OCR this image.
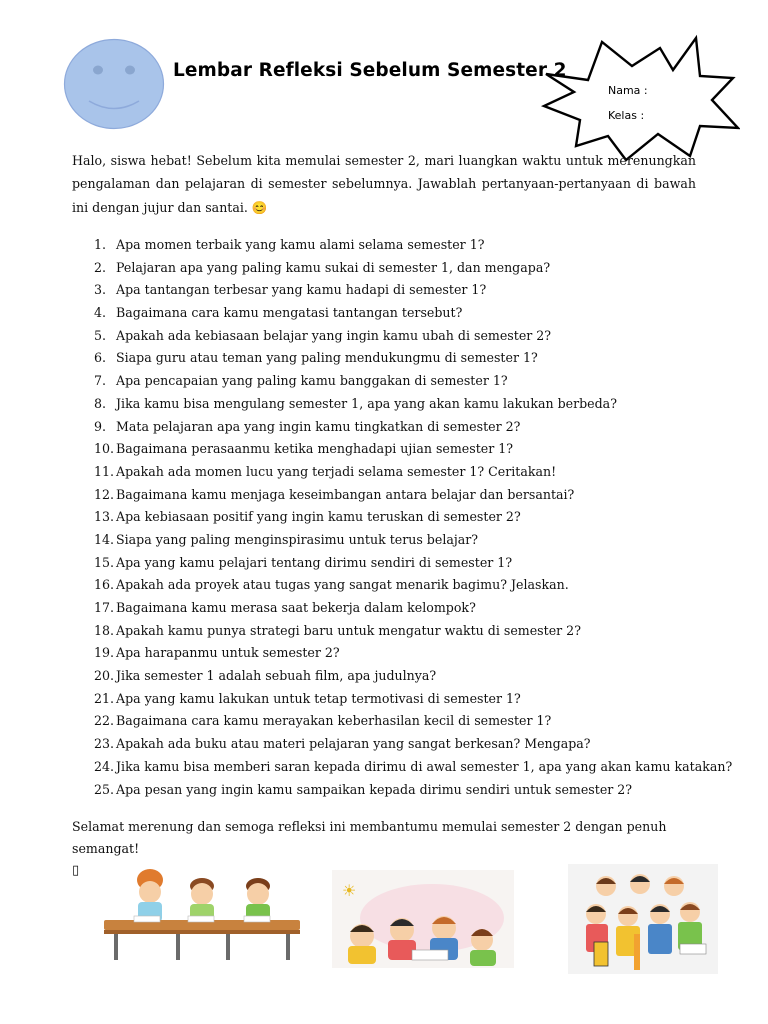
Lembar Refleksi Sebelum Semester 2
Nama :
Kelas :

Halo, siswa hebat! Sebelum kita memulai semester 2, mari luangkan waktu untuk merenungkan pengalaman dan pelajaran di semester sebelumnya. Jawablah pertanyaan-pertanyaan di bawah ini dengan jujur dan santai. 😊

1. Apa momen terbaik yang kamu alami selama semester 1?
2. Pelajaran apa yang paling kamu sukai di semester 1, dan mengapa?
3. Apa tantangan terbesar yang kamu hadapi di semester 1?
4. Bagaimana cara kamu mengatasi tantangan tersebut?
5. Apakah ada kebiasaan belajar yang ingin kamu ubah di semester 2?
6. Siapa guru atau teman yang paling mendukungmu di semester 1?
7. Apa pencapaian yang paling kamu banggakan di semester 1?
8. Jika kamu bisa mengulang semester 1, apa yang akan kamu lakukan berbeda?
9. Mata pelajaran apa yang ingin kamu tingkatkan di semester 2?
10. Bagaimana perasaanmu ketika menghadapi ujian semester 1?
11. Apakah ada momen lucu yang terjadi selama semester 1? Ceritakan!
12. Bagaimana kamu menjaga keseimbangan antara belajar dan bersantai?
13. Apa kebiasaan positif yang ingin kamu teruskan di semester 2?
14. Siapa yang paling menginspirasimu untuk terus belajar?
15. Apa yang kamu pelajari tentang dirimu sendiri di semester 1?
16. Apakah ada proyek atau tugas yang sangat menarik bagimu? Jelaskan.
17. Bagaimana kamu merasa saat bekerja dalam kelompok?
18. Apakah kamu punya strategi baru untuk mengatur waktu di semester 2?
19. Apa harapanmu untuk semester 2?
20. Jika semester 1 adalah sebuah film, apa judulnya?
21. Apa yang kamu lakukan untuk tetap termotivasi di semester 1?
22. Bagaimana cara kamu merayakan keberhasilan kecil di semester 1?
23. Apakah ada buku atau materi pelajaran yang sangat berkesan? Mengapa?
24. Jika kamu bisa memberi saran kepada dirimu di awal semester 1, apa yang akan kamu katakan?
25. Apa pesan yang ingin kamu sampaikan kepada dirimu sendiri untuk semester 2?
Selamat merenung dan semoga refleksi ini membantumu memulai semester 2 dengan penuh semangat!
▯
☀
